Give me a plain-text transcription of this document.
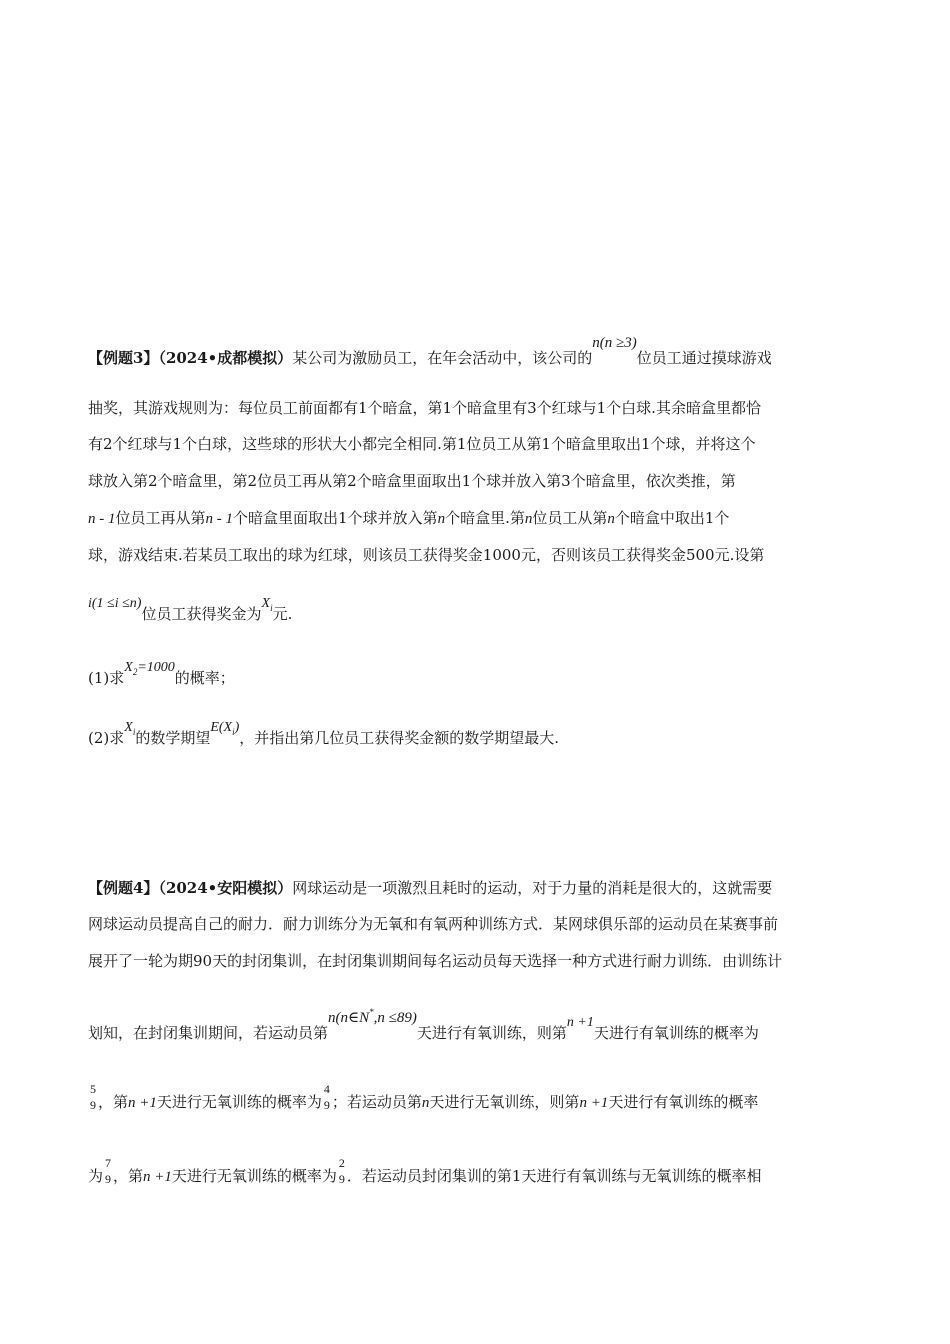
【例题3】（2024•成都模拟）某公司为激励员工，在年会活动中，该公司的n(n ≥3)位员工通过摸球游戏
抽奖，其游戏规则为：每位员工前面都有1个暗盒，第1个暗盒里有3个红球与1个白球.其余暗盒里都恰
有2个红球与1个白球，这些球的形状大小都完全相同.第1位员工从第1个暗盒里取出1个球，并将这个
球放入第2个暗盒里，第2位员工再从第2个暗盒里面取出1个球并放入第3个暗盒里，依次类推，第
n - 1位员工再从第n - 1个暗盒里面取出1个球并放入第n个暗盒里.第n位员工从第n个暗盒中取出1个
球，游戏结束.若某员工取出的球为红球，则该员工获得奖金1000元，否则该员工获得奖金500元.设第
i(1 ≤i ≤n)位员工获得奖金为$X_i$元.
(1)求$X_2=1000$的概率；
(2)求$X_i$的数学期望$E(X_i)$，并指出第几位员工获得奖金额的数学期望最大.
【例题4】（2024•安阳模拟）网球运动是一项激烈且耗时的运动，对于力量的消耗是很大的，这就需要
网球运动员提高自己的耐力．耐力训练分为无氧和有氧两种训练方式．某网球俱乐部的运动员在某赛事前
展开了一轮为期90天的封闭集训，在封闭集训期间每名运动员每天选择一种方式进行耐力训练．由训练计
划知，在封闭集训期间，若运动员第n(n∈N*,n ≤89)天进行有氧训练，则第n +1天进行有氧训练的概率为
5
9 ，第n +1天进行无氧训练的概率为
4
9 ；若运动员第n天进行无氧训练，则第n +1天进行有氧训练的概率
为
7
9 ，第n +1天进行无氧训练的概率为
2
9 ．若运动员封闭集训的第1天进行有氧训练与无氧训练的概率相
